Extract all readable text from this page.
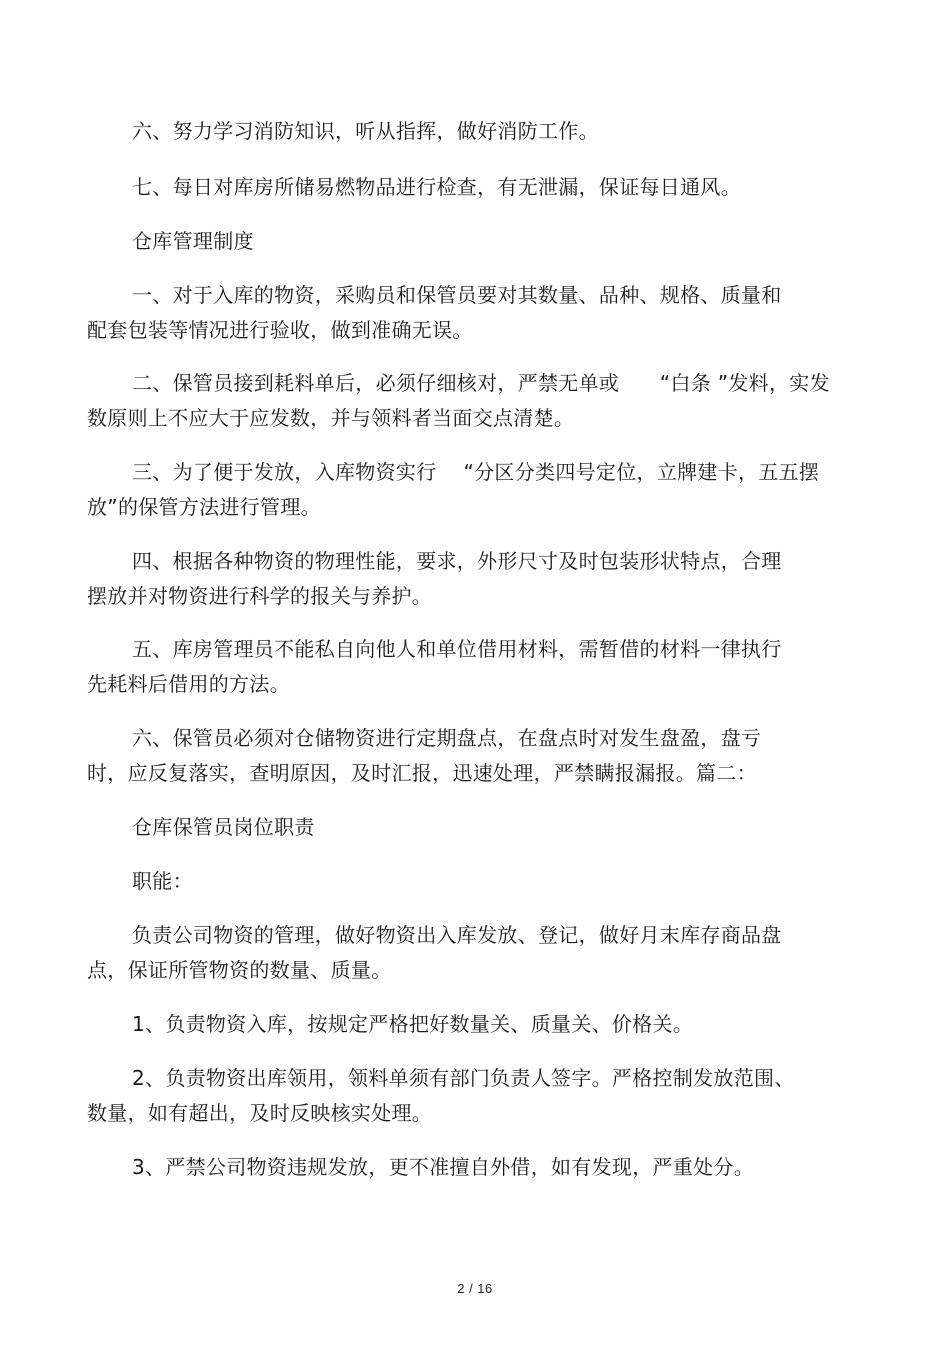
六、努力学习消防知识，听从指挥，做好消防工作。
七、每日对库房所储易燃物品进行检查，有无泄漏，保证每日通风。
仓库管理制度
一、对于入库的物资，采购员和保管员要对其数量、品种、规格、质量和
配套包装等情况进行验收，做到准确无误。
二、保管员接到耗料单后，必须仔细核对，严禁无单或　　“白条 ”发料，实发
数原则上不应大于应发数，并与领料者当面交点清楚。
三、为了便于发放，入库物资实行　 “分区分类四号定位，立牌建卡，五五摆
放”的保管方法进行管理。
四、根据各种物资的物理性能，要求，外形尺寸及时包装形状特点，合理
摆放并对物资进行科学的报关与养护。
五、库房管理员不能私自向他人和单位借用材料，需暂借的材料一律执行
先耗料后借用的方法。
六、保管员必须对仓储物资进行定期盘点，在盘点时对发生盘盈，盘亏
时，应反复落实，查明原因，及时汇报，迅速处理，严禁瞒报漏报。篇二：
仓库保管员岗位职责
职能：
负责公司物资的管理，做好物资出入库发放、登记，做好月末库存商品盘
点，保证所管物资的数量、质量。
1、负责物资入库，按规定严格把好数量关、质量关、价格关。
2、负责物资出库领用，领料单须有部门负责人签字。严格控制发放范围、
数量，如有超出，及时反映核实处理。
3、严禁公司物资违规发放，更不准擅自外借，如有发现，严重处分。
2 / 16
